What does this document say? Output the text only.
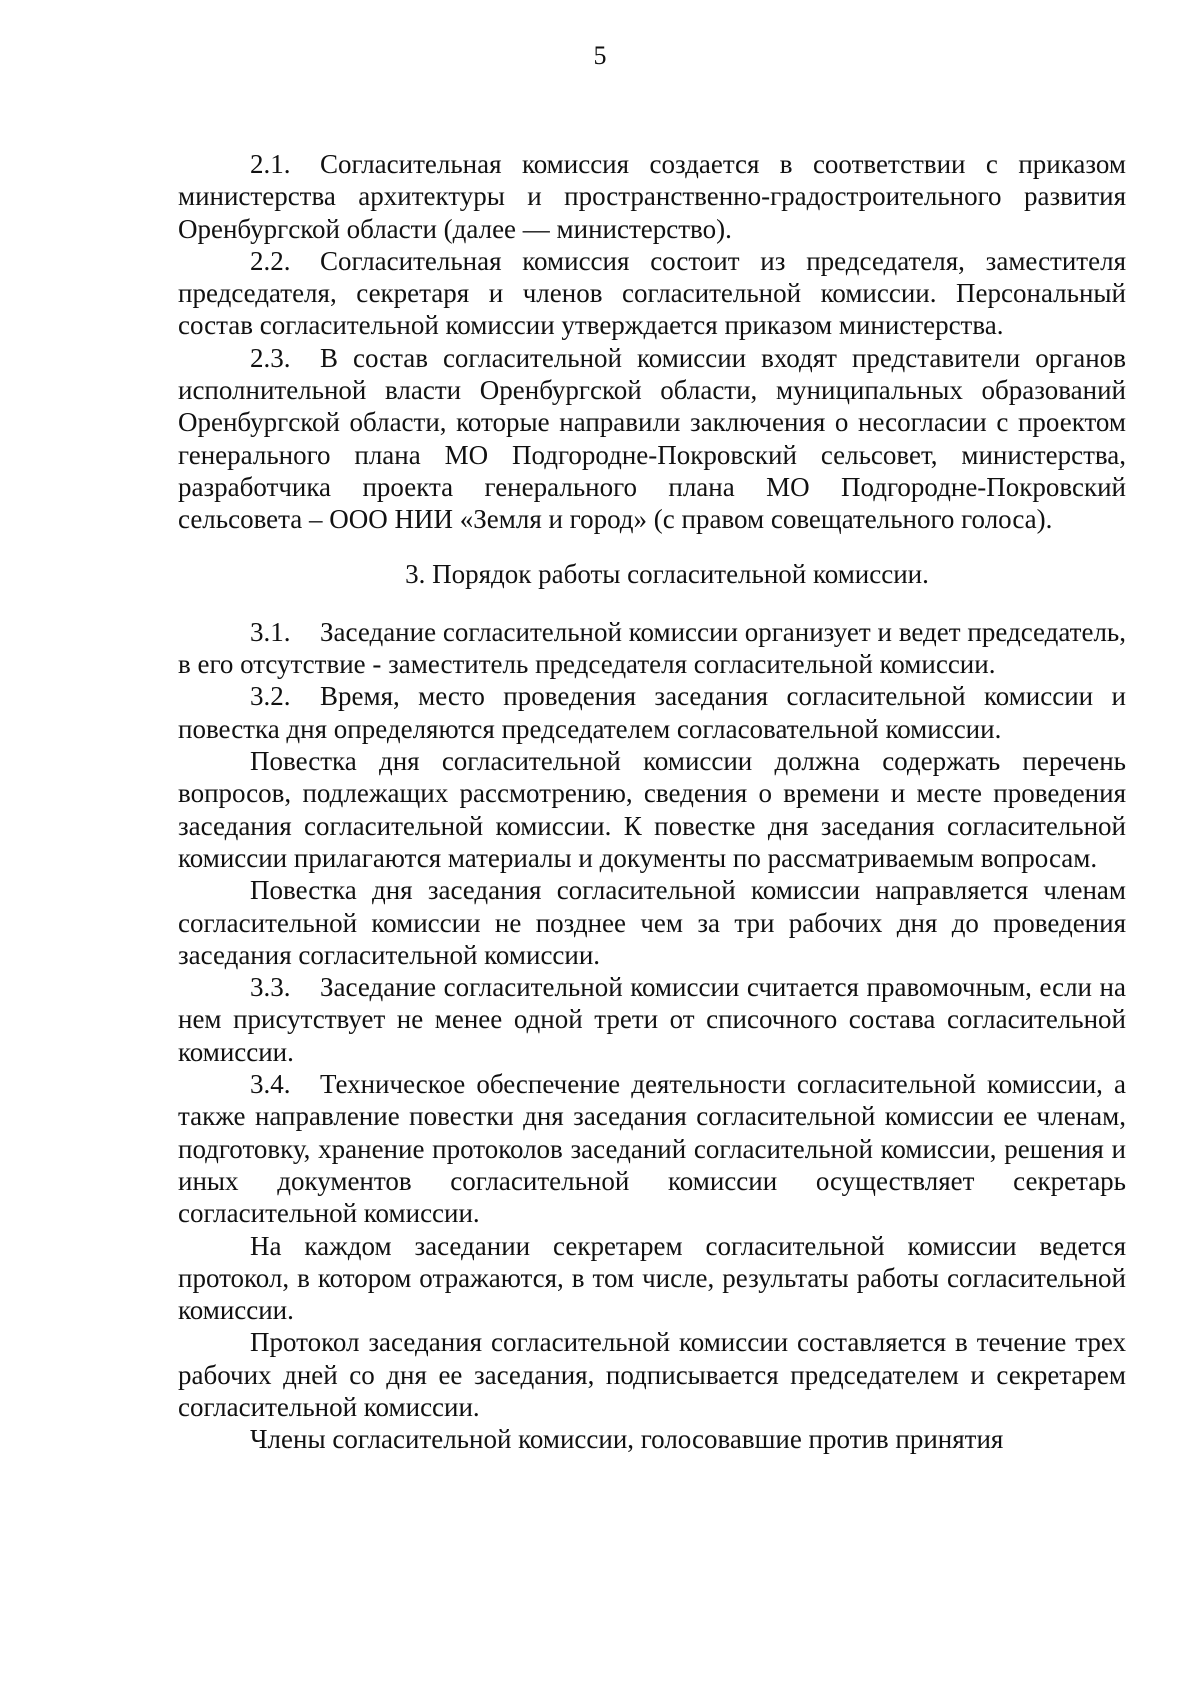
5

2.1. Согласительная комиссия создается в соответствии с приказом министерства архитектуры и пространственно-градостроительного развития Оренбургской области (далее — министерство).

2.2. Согласительная комиссия состоит из председателя, заместителя председателя, секретаря и членов согласительной комиссии. Персональный состав согласительной комиссии утверждается приказом министерства.

2.3. В состав согласительной комиссии входят представители органов исполнительной власти Оренбургской области, муниципальных образований Оренбургской области, которые направили заключения о несогласии с проектом генерального плана МО Подгородне-Покровский сельсовет, министерства, разработчика проекта генерального плана МО Подгородне-Покровский сельсовета – ООО НИИ «Земля и город» (с правом совещательного голоса).

3. Порядок работы согласительной комиссии.

3.1. Заседание согласительной комиссии организует и ведет председатель, в его отсутствие - заместитель председателя согласительной комиссии.

3.2. Время, место проведения заседания согласительной комиссии и повестка дня определяются председателем согласовательной комиссии.

Повестка дня согласительной комиссии должна содержать перечень вопросов, подлежащих рассмотрению, сведения о времени и месте проведения заседания согласительной комиссии. К повестке дня заседания согласительной комиссии прилагаются материалы и документы по рассматриваемым вопросам.

Повестка дня заседания согласительной комиссии направляется членам согласительной комиссии не позднее чем за три рабочих дня до проведения заседания согласительной комиссии.

3.3. Заседание согласительной комиссии считается правомочным, если на нем присутствует не менее одной трети от списочного состава согласительной комиссии.

3.4. Техническое обеспечение деятельности согласительной комиссии, а также направление повестки дня заседания согласительной комиссии ее членам, подготовку, хранение протоколов заседаний согласительной комиссии, решения и иных документов согласительной комиссии осуществляет секретарь согласительной комиссии.

На каждом заседании секретарем согласительной комиссии ведется протокол, в котором отражаются, в том числе, результаты работы согласительной комиссии.

Протокол заседания согласительной комиссии составляется в течение трех рабочих дней со дня ее заседания, подписывается председателем и секретарем согласительной комиссии.

Члены согласительной комиссии, голосовавшие против принятия
